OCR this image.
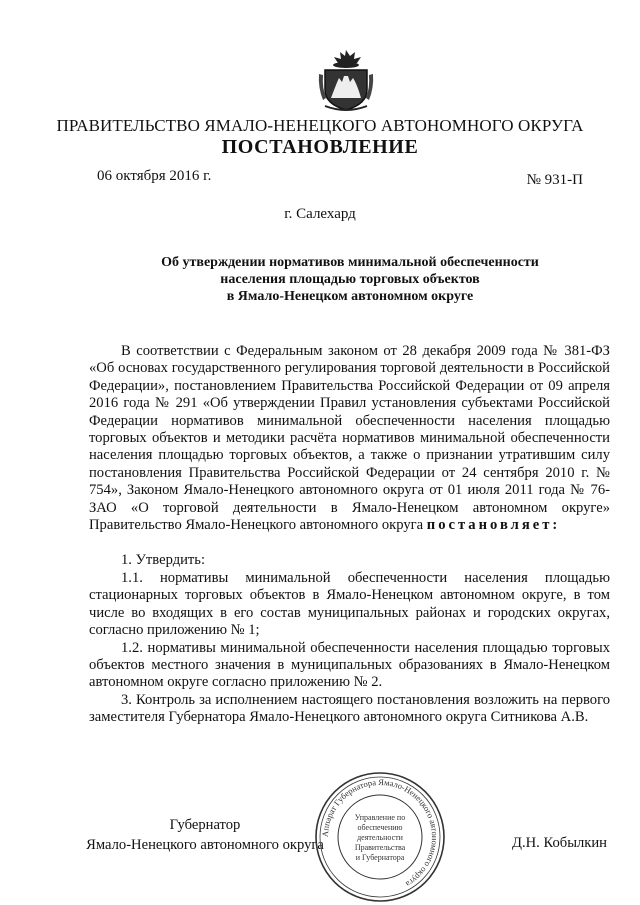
ПРАВИТЕЛЬСТВО ЯМАЛО-НЕНЕЦКОГО АВТОНОМНОГО ОКРУГА
ПОСТАНОВЛЕНИЕ
06 октября 2016 г.	№ 931-П
г. Салехард
Об утверждении нормативов минимальной обеспеченности
населения площадью торговых объектов
в Ямало-Ненецком автономном округе

В соответствии с Федеральным законом от 28 декабря 2009 года № 381-ФЗ «Об основах государственного регулирования торговой деятельности в Российской Федерации», постановлением Правительства Российской Федерации от 09 апреля 2016 года № 291 «Об утверждении Правил установления субъектами Российской Федерации нормативов минимальной обеспеченности населения площадью торговых объектов и методики расчёта нормативов минимальной обеспеченности населения площадью торговых объектов, а также о признании утратившим силу постановления Правительства Российской Федерации от 24 сентября 2010 г. № 754», Законом Ямало-Ненецкого автономного округа от 01 июля 2011 года № 76-ЗАО «О торговой деятельности в Ямало-Ненецком автономном округе» Правительство Ямало-Ненецкого автономного округа постановляет:

1. Утвердить:

1.1. нормативы минимальной обеспеченности населения площадью стационарных торговых объектов в Ямало-Ненецком автономном округе, в том числе во входящих в его состав муниципальных районах и городских округах, согласно приложению № 1;

1.2. нормативы минимальной обеспеченности населения площадью торговых объектов местного значения в муниципальных образованиях в Ямало-Ненецком автономном округе согласно приложению № 2.

3. Контроль за исполнением настоящего постановления возложить на первого заместителя Губернатора Ямало-Ненецкого автономного округа Ситникова А.В.

Губернатор
Ямало-Ненецкого автономного округа	Д.Н. Кобылкин
Аппарат Губернатора Ямало-Ненецкого автономного округа
Управление по
обеспечению
деятельности
Правительства
и Губернатора
